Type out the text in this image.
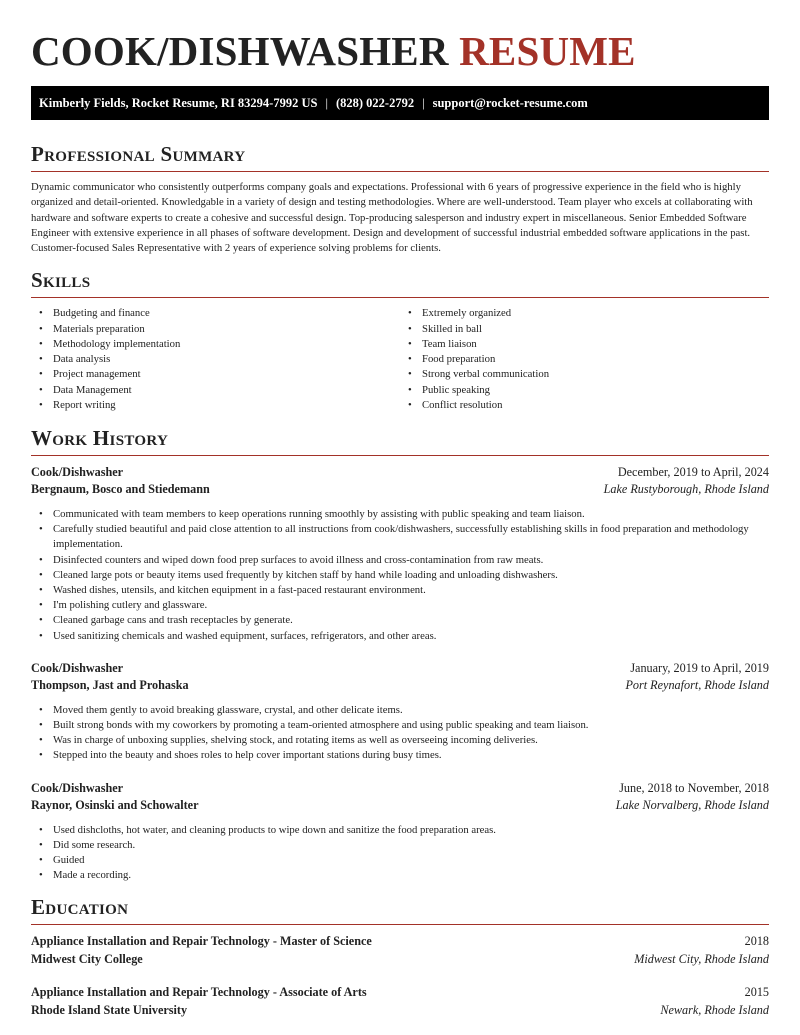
COOK/DISHWASHER RESUME
Kimberly Fields, Rocket Resume, RI 83294-7992 US | (828) 022-2792 | support@rocket-resume.com
Professional Summary
Dynamic communicator who consistently outperforms company goals and expectations. Professional with 6 years of progressive experience in the field who is highly organized and detail-oriented. Knowledgable in a variety of design and testing methodologies. Where are well-understood. Team player who excels at collaborating with hardware and software experts to create a cohesive and successful design. Top-producing salesperson and industry expert in miscellaneous. Senior Embedded Software Engineer with extensive experience in all phases of software development. Design and development of successful industrial embedded software applications in the past. Customer-focused Sales Representative with 2 years of experience solving problems for clients.
Skills
• Budgeting and finance
• Materials preparation
• Methodology implementation
• Data analysis
• Project management
• Data Management
• Report writing
• Extremely organized
• Skilled in ball
• Team liaison
• Food preparation
• Strong verbal communication
• Public speaking
• Conflict resolution
Work History
Cook/Dishwasher	December, 2019 to April, 2024
Bergnaum, Bosco and Stiedemann	Lake Rustyborough, Rhode Island
• Communicated with team members to keep operations running smoothly by assisting with public speaking and team liaison.
• Carefully studied beautiful and paid close attention to all instructions from cook/dishwashers, successfully establishing skills in food preparation and methodology implementation.
• Disinfected counters and wiped down food prep surfaces to avoid illness and cross-contamination from raw meats.
• Cleaned large pots or beauty items used frequently by kitchen staff by hand while loading and unloading dishwashers.
• Washed dishes, utensils, and kitchen equipment in a fast-paced restaurant environment.
• I'm polishing cutlery and glassware.
• Cleaned garbage cans and trash receptacles by generate.
• Used sanitizing chemicals and washed equipment, surfaces, refrigerators, and other areas.
Cook/Dishwasher	January, 2019 to April, 2019
Thompson, Jast and Prohaska	Port Reynafort, Rhode Island
• Moved them gently to avoid breaking glassware, crystal, and other delicate items.
• Built strong bonds with my coworkers by promoting a team-oriented atmosphere and using public speaking and team liaison.
• Was in charge of unboxing supplies, shelving stock, and rotating items as well as overseeing incoming deliveries.
• Stepped into the beauty and shoes roles to help cover important stations during busy times.
Cook/Dishwasher	June, 2018 to November, 2018
Raynor, Osinski and Schowalter	Lake Norvalberg, Rhode Island
• Used dishcloths, hot water, and cleaning products to wipe down and sanitize the food preparation areas.
• Did some research.
• Guided
• Made a recording.
Education
Appliance Installation and Repair Technology - Master of Science	2018
Midwest City College	Midwest City, Rhode Island
Appliance Installation and Repair Technology - Associate of Arts	2015
Rhode Island State University	Newark, Rhode Island
